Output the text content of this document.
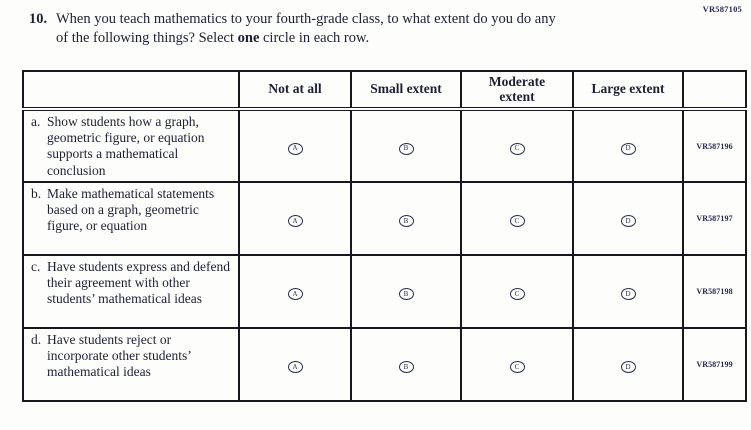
VR587105
10. When you teach mathematics to your fourth-grade class, to what extent do you do any
of the following things? Select one circle in each row.
	Not at all	Small extent	Moderate extent	Large extent	

a. Show students how a graph, geometric figure, or equation supports a mathematical conclusion	A	B	C	D	VR587196

b. Make mathematical statements based on a graph, geometric figure, or equation	A	B	C	D	VR587197

c. Have students express and defend their agreement with other students’ mathematical ideas	A	B	C	D	VR587198

d. Have students reject or incorporate other students’ mathematical ideas	A	B	C	D	VR587199
